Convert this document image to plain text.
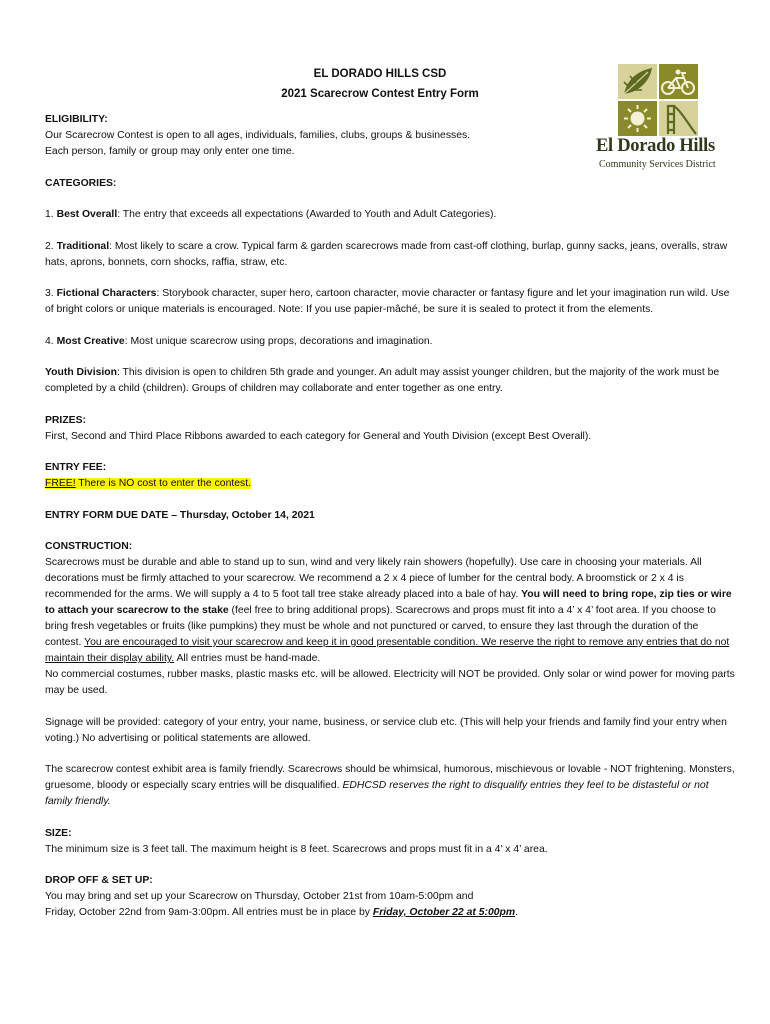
EL DORADO HILLS CSD
2021 Scarecrow Contest Entry Form
El Dorado Hills
Community Services District

ELIGIBILITY:
Our Scarecrow Contest is open to all ages, individuals, families, clubs, groups & businesses.
Each person, family or group may only enter one time.

CATEGORIES:

1. Best Overall: The entry that exceeds all expectations (Awarded to Youth and Adult Categories).

2. Traditional: Most likely to scare a crow. Typical farm & garden scarecrows made from cast-off clothing, burlap, gunny sacks, jeans, overalls, straw hats, aprons, bonnets, corn shocks, raffia, straw, etc.

3. Fictional Characters: Storybook character, super hero, cartoon character, movie character or fantasy figure and let your imagination run wild. Use of bright colors or unique materials is encouraged. Note: If you use papier-mâché, be sure it is sealed to protect it from the elements.

4. Most Creative: Most unique scarecrow using props, decorations and imagination.

Youth Division: This division is open to children 5th grade and younger. An adult may assist younger children, but the majority of the work must be completed by a child (children). Groups of children may collaborate and enter together as one entry.

PRIZES:
First, Second and Third Place Ribbons awarded to each category for General and Youth Division (except Best Overall).

ENTRY FEE:
FREE! There is NO cost to enter the contest.

ENTRY FORM DUE DATE – Thursday, October 14, 2021

CONSTRUCTION:
Scarecrows must be durable and able to stand up to sun, wind and very likely rain showers (hopefully). Use care in choosing your materials. All decorations must be firmly attached to your scarecrow. We recommend a 2 x 4 piece of lumber for the central body. A broomstick or 2 x 4 is recommended for the arms. We will supply a 4 to 5 foot tall tree stake already placed into a bale of hay. You will need to bring rope, zip ties or wire to attach your scarecrow to the stake (feel free to bring additional props). Scarecrows and props must fit into a 4’ x 4’ foot area. If you choose to bring fresh vegetables or fruits (like pumpkins) they must be whole and not punctured or carved, to ensure they last through the duration of the contest. You are encouraged to visit your scarecrow and keep it in good presentable condition. We reserve the right to remove any entries that do not maintain their display ability. All entries must be hand-made.

No commercial costumes, rubber masks, plastic masks etc. will be allowed. Electricity will NOT be provided. Only solar or wind power for moving parts may be used.

Signage will be provided: category of your entry, your name, business, or service club etc. (This will help your friends and family find your entry when voting.) No advertising or political statements are allowed.

The scarecrow contest exhibit area is family friendly. Scarecrows should be whimsical, humorous, mischievous or lovable - NOT frightening. Monsters, gruesome, bloody or especially scary entries will be disqualified. EDHCSD reserves the right to disqualify entries they feel to be distasteful or not family friendly.

SIZE:
The minimum size is 3 feet tall. The maximum height is 8 feet. Scarecrows and props must fit in a 4’ x 4’ area.

DROP OFF & SET UP:
You may bring and set up your Scarecrow on Thursday, October 21st from 10am-5:00pm and
Friday, October 22nd from 9am-3:00pm. All entries must be in place by Friday, October 22 at 5:00pm.
